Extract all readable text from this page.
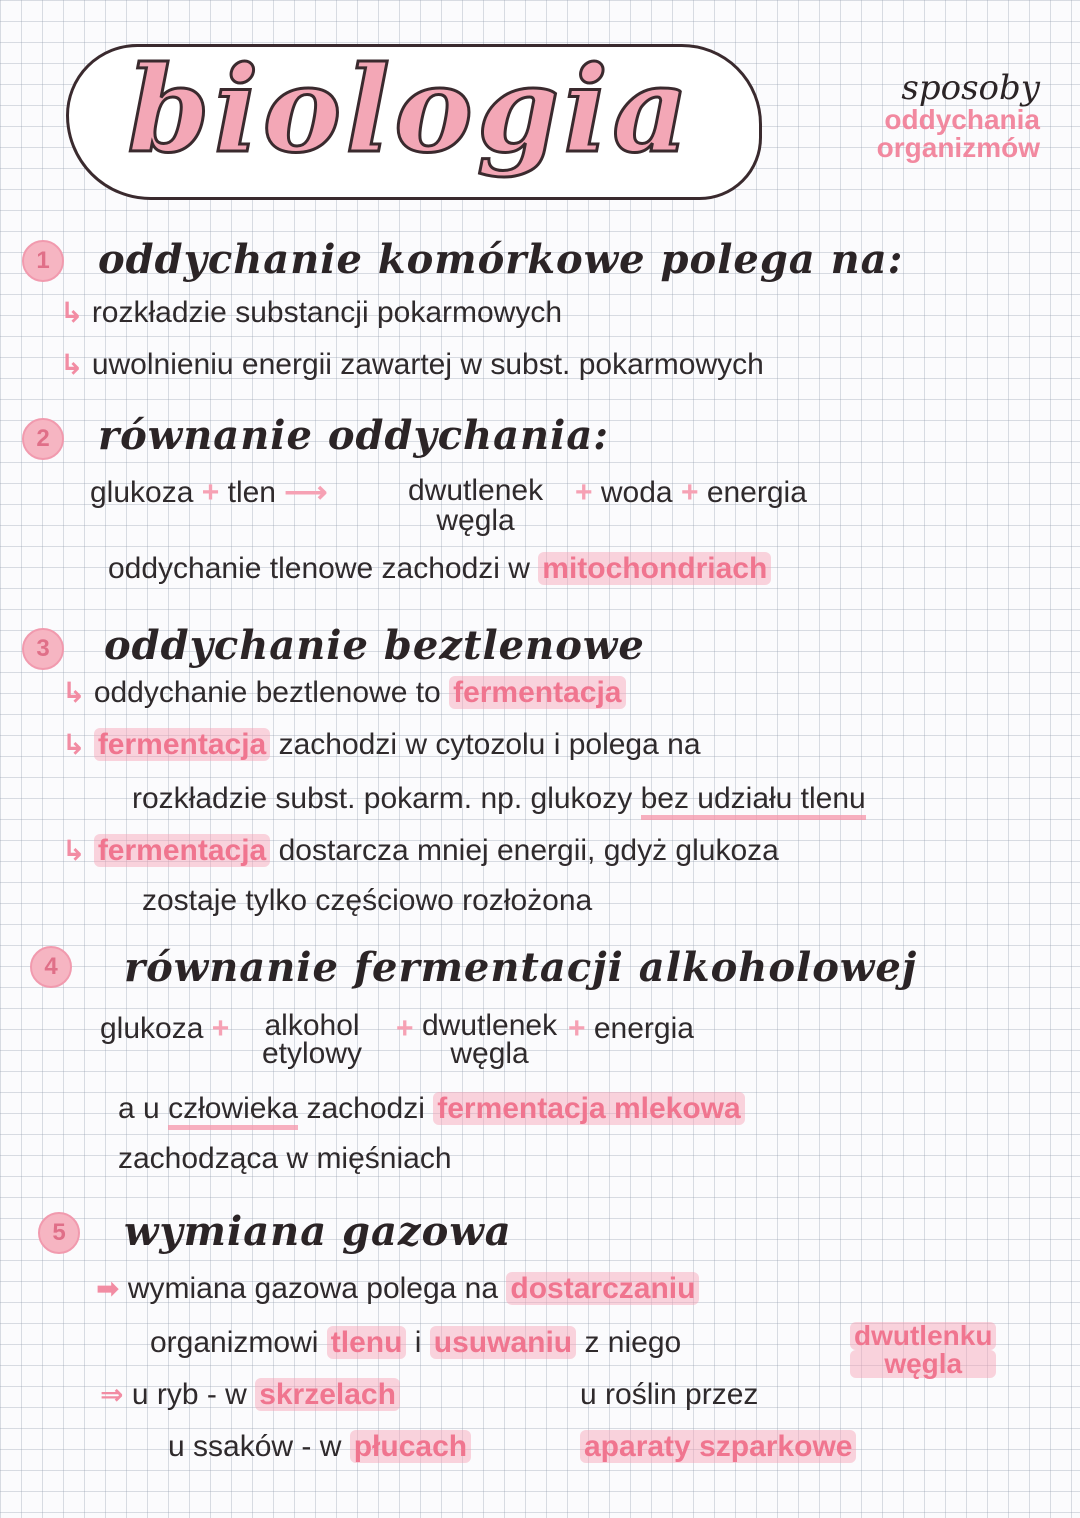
biologia	sposoby
oddychania
organizmów
1	oddychanie komórkowe polega na:
↳ rozkładzie substancji pokarmowych
↳ uwolnieniu energii zawartej w subst. pokarmowych
2	równanie oddychania:
glukoza + tlen ⟶	dwutlenek
węgla
+ woda + energia
oddychanie tlenowe zachodzi w mitochondriach
3	oddychanie beztlenowe
↳ oddychanie beztlenowe to fermentacja
↳ fermentacja zachodzi w cytozolu i polega na
rozkładzie subst. pokarm. np. glukozy bez udziału tlenu
↳ fermentacja dostarcza mniej energii, gdyż glukoza
zostaje tylko częściowo rozłożona
4	równanie fermentacji alkoholowej
glukoza + alkohol
etylowy
+ dwutlenek
węgla
+ energia
a u człowieka zachodzi fermentacja mlekowa
zachodząca w mięśniach
5	wymiana gazowa
➡ wymiana gazowa polega na dostarczaniu
organizmowi tlenu i usuwaniu z niego	dwutlenku
węgla
⇒ u ryb - w skrzelach	u roślin przez
u ssaków - w płucach	aparaty szparkowe
